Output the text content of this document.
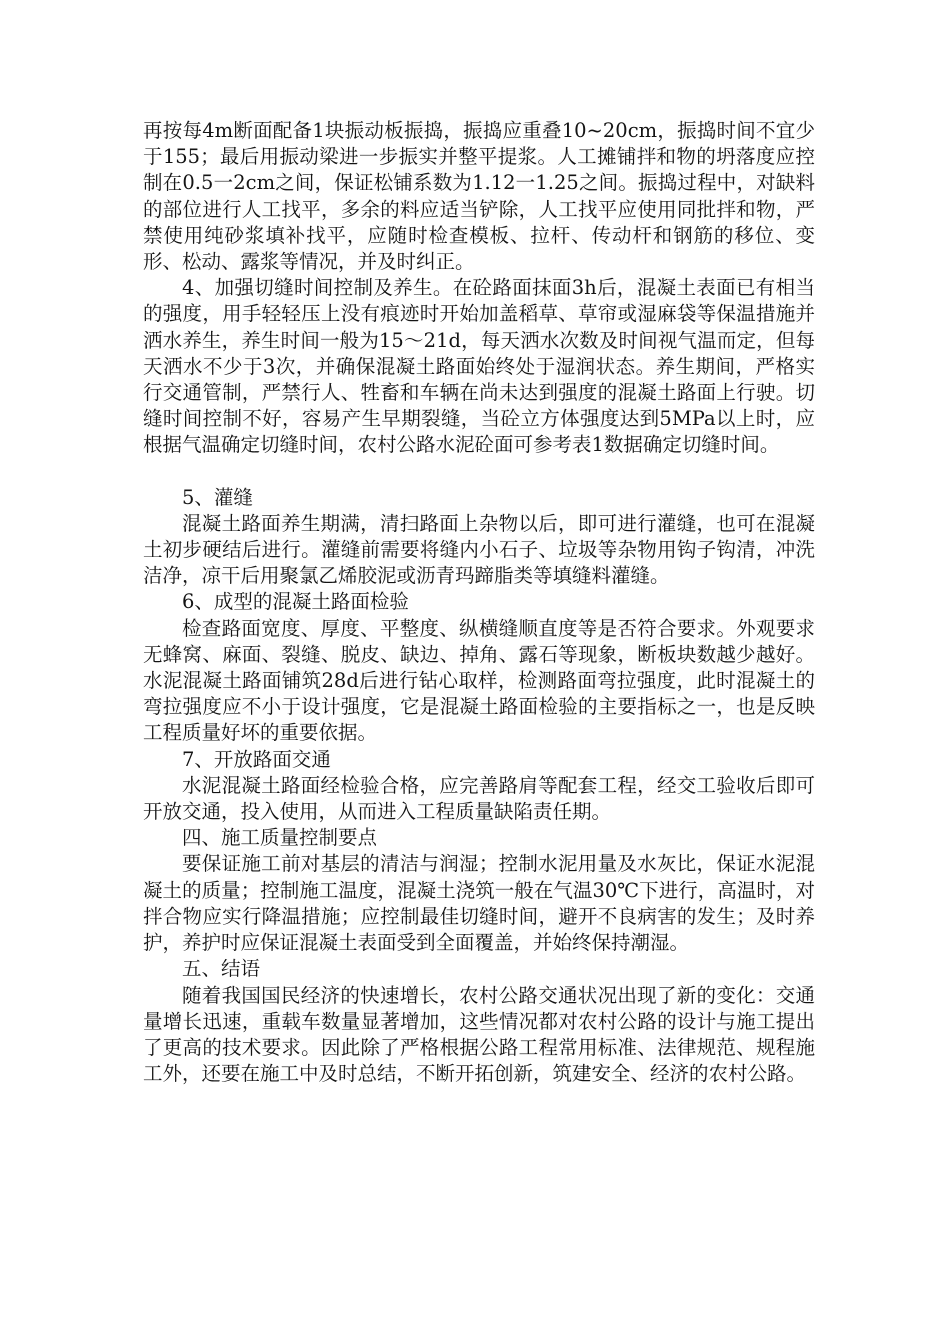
再按每4m断面配备1块振动板振捣，振捣应重叠10~20cm，振捣时间不宜少于155；最后用振动梁进一步振实并整平提浆。人工摊铺拌和物的坍落度应控制在0.5一2cm之间，保证松铺系数为1.12一1.25之间。振捣过程中，对缺料的部位进行人工找平，多余的料应适当铲除，人工找平应使用同批拌和物，严禁使用纯砂浆填补找平，应随时检查模板、拉杆、传动杆和钢筋的移位、变形、松动、露浆等情况，并及时纠正。

4、加强切缝时间控制及养生。在砼路面抹面3h后，混凝土表面已有相当的强度，用手轻轻压上没有痕迹时开始加盖稻草、草帘或湿麻袋等保温措施并洒水养生，养生时间一般为15～21d，每天洒水次数及时间视气温而定，但每天洒水不少于3次，并确保混凝土路面始终处于湿润状态。养生期间，严格实行交通管制，严禁行人、牲畜和车辆在尚未达到强度的混凝土路面上行驶。切缝时间控制不好，容易产生早期裂缝，当砼立方体强度达到5MPa以上时，应根据气温确定切缝时间，农村公路水泥砼面可参考表1数据确定切缝时间。

5、灌缝

混凝土路面养生期满，清扫路面上杂物以后，即可进行灌缝，也可在混凝土初步硬结后进行。灌缝前需要将缝内小石子、垃圾等杂物用钩子钩清，冲洗洁净，凉干后用聚氯乙烯胶泥或沥青玛蹄脂类等填缝料灌缝。

6、成型的混凝土路面检验

检查路面宽度、厚度、平整度、纵横缝顺直度等是否符合要求。外观要求无蜂窝、麻面、裂缝、脱皮、缺边、掉角、露石等现象，断板块数越少越好。水泥混凝土路面铺筑28d后进行钻心取样，检测路面弯拉强度，此时混凝土的弯拉强度应不小于设计强度，它是混凝土路面检验的主要指标之一，也是反映工程质量好坏的重要依据。

7、开放路面交通

水泥混凝土路面经检验合格，应完善路肩等配套工程，经交工验收后即可开放交通，投入使用，从而进入工程质量缺陷责任期。

四、施工质量控制要点

要保证施工前对基层的清洁与润湿；控制水泥用量及水灰比，保证水泥混凝土的质量；控制施工温度，混凝土浇筑一般在气温30℃下进行，高温时，对拌合物应实行降温措施；应控制最佳切缝时间，避开不良病害的发生；及时养护，养护时应保证混凝土表面受到全面覆盖，并始终保持潮湿。

五、结语

随着我国国民经济的快速增长，农村公路交通状况出现了新的变化：交通量增长迅速，重载车数量显著增加，这些情况都对农村公路的设计与施工提出了更高的技术要求。因此除了严格根据公路工程常用标准、法律规范、规程施工外，还要在施工中及时总结，不断开拓创新，筑建安全、经济的农村公路。
